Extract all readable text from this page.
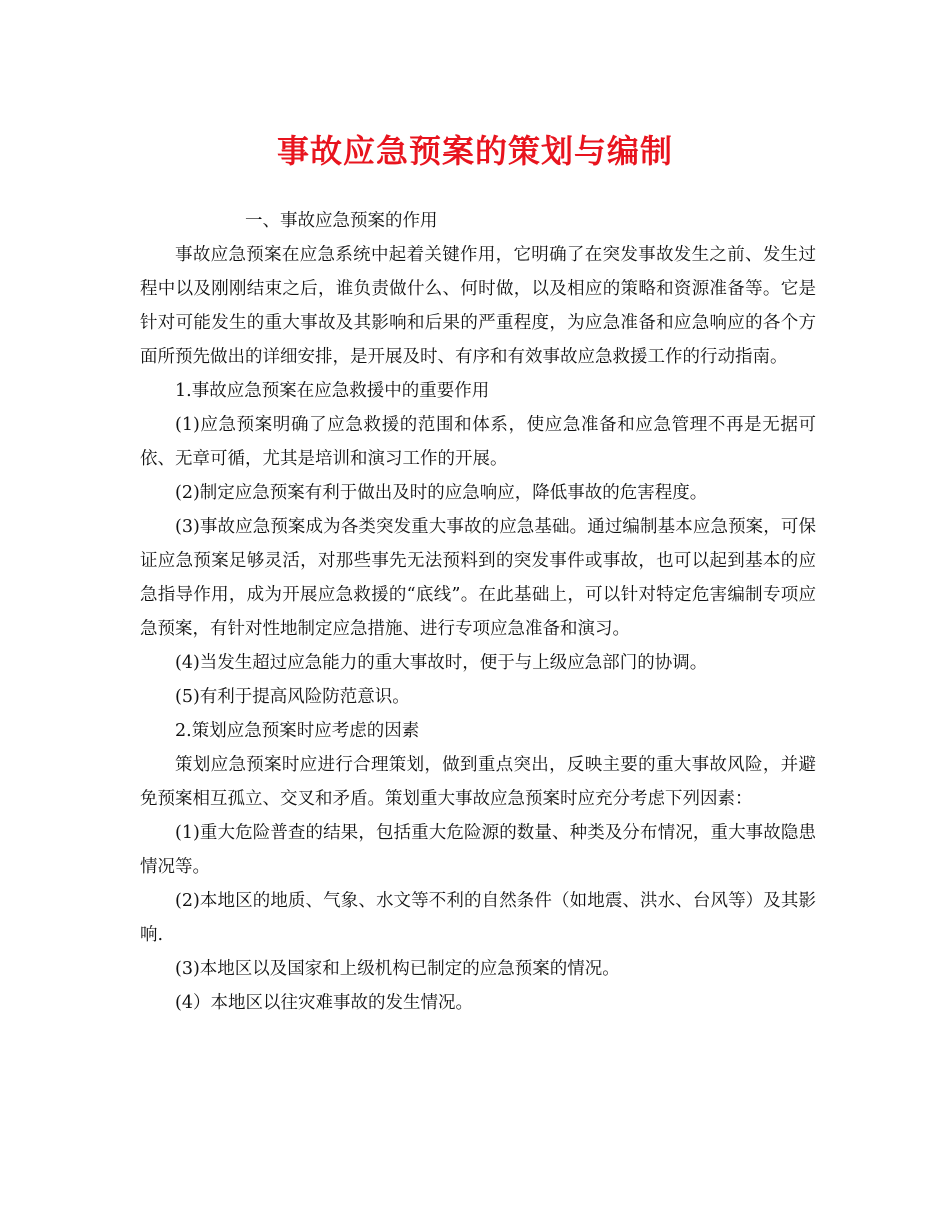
事故应急预案的策划与编制

一、事故应急预案的作用

事故应急预案在应急系统中起着关键作用，它明确了在突发事故发生之前、发生过程中以及刚刚结束之后，谁负责做什么、何时做，以及相应的策略和资源准备等。它是针对可能发生的重大事故及其影响和后果的严重程度，为应急准备和应急响应的各个方面所预先做出的详细安排，是开展及时、有序和有效事故应急救援工作的行动指南。

1.事故应急预案在应急救援中的重要作用

(1)应急预案明确了应急救援的范围和体系，使应急准备和应急管理不再是无据可依、无章可循，尤其是培训和演习工作的开展。

(2)制定应急预案有利于做出及时的应急响应，降低事故的危害程度。

(3)事故应急预案成为各类突发重大事故的应急基础。通过编制基本应急预案，可保证应急预案足够灵活，对那些事先无法预料到的突发事件或事故，也可以起到基本的应急指导作用，成为开展应急救援的“底线”。在此基础上，可以针对特定危害编制专项应急预案，有针对性地制定应急措施、进行专项应急准备和演习。

(4)当发生超过应急能力的重大事故时，便于与上级应急部门的协调。

(5)有利于提高风险防范意识。

2.策划应急预案时应考虑的因素

策划应急预案时应进行合理策划，做到重点突出，反映主要的重大事故风险，并避免预案相互孤立、交叉和矛盾。策划重大事故应急预案时应充分考虑下列因素：

(1)重大危险普查的结果，包括重大危险源的数量、种类及分布情况，重大事故隐患情况等。

(2)本地区的地质、气象、水文等不利的自然条件（如地震、洪水、台风等）及其影响.

(3)本地区以及国家和上级机构已制定的应急预案的情况。

(4）本地区以往灾难事故的发生情况。
